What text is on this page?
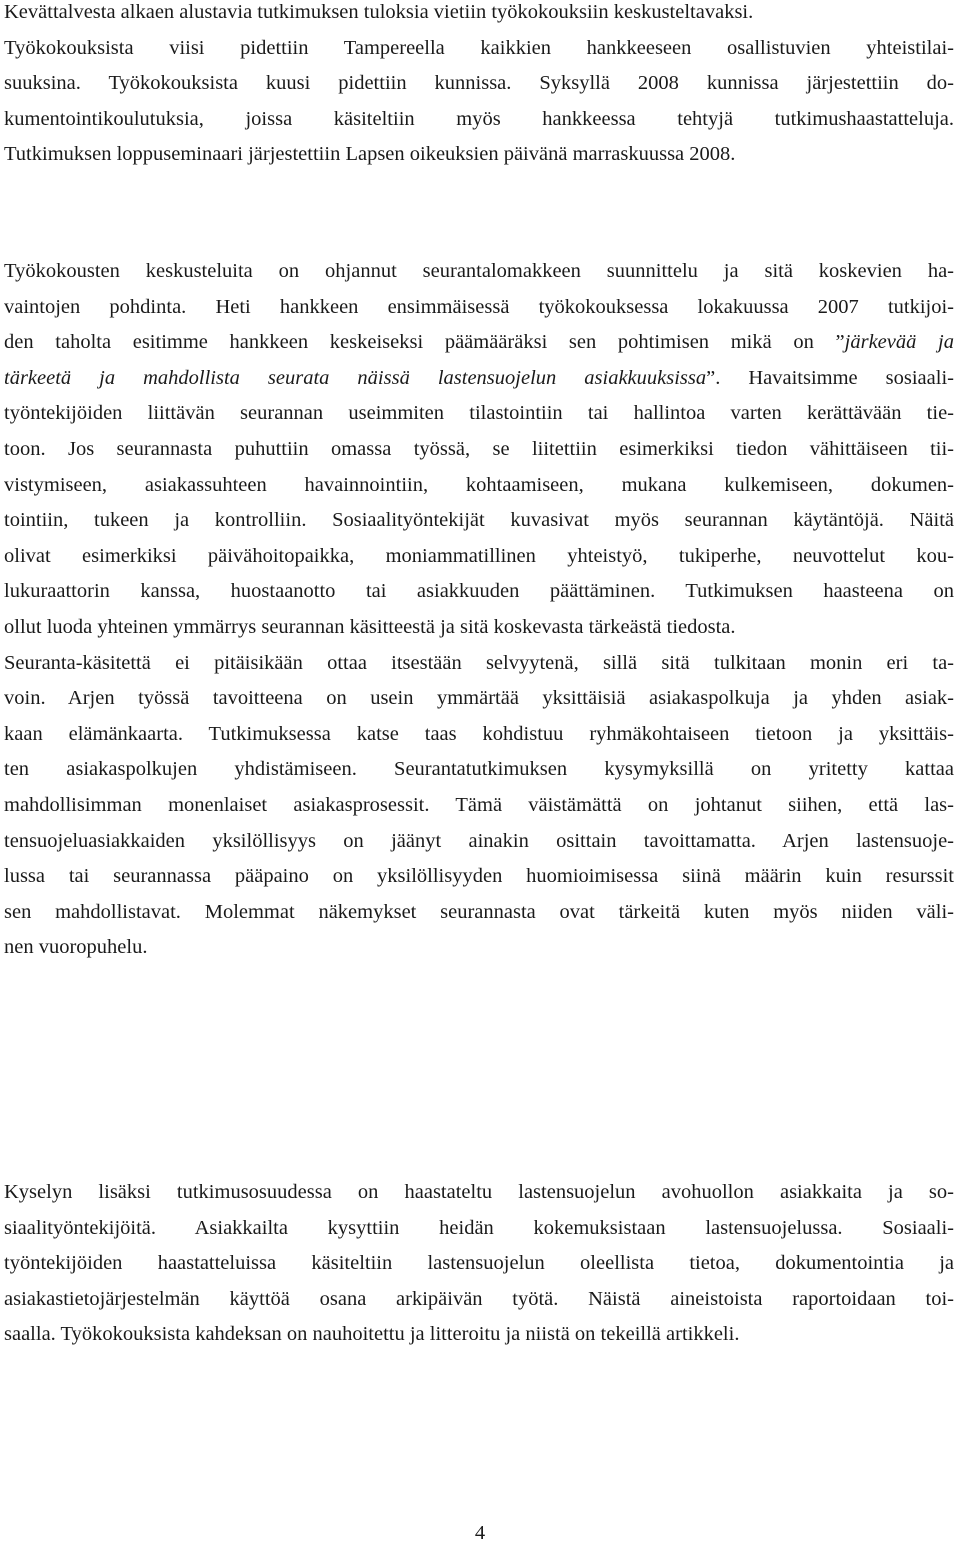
Kevättalvesta alkaen alustavia tutkimuksen tuloksia vietiin työkokouksiin keskusteltavaksi.
Työkokouksista viisi pidettiin Tampereella kaikkien hankkeeseen osallistuvien yhteistilai-
suuksina. Työkokouksista kuusi pidettiin kunnissa. Syksyllä 2008 kunnissa järjestettiin do-
kumentointikoulutuksia, joissa käsiteltiin myös hankkeessa tehtyjä tutkimushaastatteluja.
Tutkimuksen loppuseminaari järjestettiin Lapsen oikeuksien päivänä marraskuussa 2008.
Työkokousten keskusteluita on ohjannut seurantalomakkeen suunnittelu ja sitä koskevien ha-
vaintojen pohdinta. Heti hankkeen ensimmäisessä työkokouksessa lokakuussa 2007 tutkijoi-
den taholta esitimme hankkeen keskeiseksi päämääräksi sen pohtimisen mikä on ”järkevää ja
tärkeetä ja mahdollista seurata näissä lastensuojelun asiakkuuksissa”. Havaitsimme sosiaali-
työntekijöiden liittävän seurannan useimmiten tilastointiin tai hallintoa varten kerättävään tie-
toon. Jos seurannasta puhuttiin omassa työssä, se liitettiin esimerkiksi tiedon vähittäiseen tii-
vistymiseen, asiakassuhteen havainnointiin, kohtaamiseen, mukana kulkemiseen, dokumen-
tointiin, tukeen ja kontrolliin. Sosiaalityöntekijät kuvasivat myös seurannan käytäntöjä. Näitä
olivat esimerkiksi päivähoitopaikka, moniammatillinen yhteistyö, tukiperhe, neuvottelut kou-
lukuraattorin kanssa, huostaanotto tai asiakkuuden päättäminen. Tutkimuksen haasteena on
ollut luoda yhteinen ymmärrys seurannan käsitteestä ja sitä koskevasta tärkeästä tiedosta.
Seuranta-käsitettä ei pitäisikään ottaa itsestään selvyytenä, sillä sitä tulkitaan monin eri ta-
voin. Arjen työssä tavoitteena on usein ymmärtää yksittäisiä asiakaspolkuja ja yhden asiak-
kaan elämänkaarta. Tutkimuksessa katse taas kohdistuu ryhmäkohtaiseen tietoon ja yksittäis-
ten asiakaspolkujen yhdistämiseen. Seurantatutkimuksen kysymyksillä on yritetty kattaa
mahdollisimman monenlaiset asiakasprosessit. Tämä väistämättä on johtanut siihen, että las-
tensuojeluasiakkaiden yksilöllisyys on jäänyt ainakin osittain tavoittamatta. Arjen lastensuoje-
lussa tai seurannassa pääpaino on yksilöllisyyden huomioimisessa siinä määrin kuin resurssit
sen mahdollistavat. Molemmat näkemykset seurannasta ovat tärkeitä kuten myös niiden väli-
nen vuoropuhelu.
Kyselyn lisäksi tutkimusosuudessa on haastateltu lastensuojelun avohuollon asiakkaita ja so-
siaalityöntekijöitä. Asiakkailta kysyttiin heidän kokemuksistaan lastensuojelussa. Sosiaali-
työntekijöiden haastatteluissa käsiteltiin lastensuojelun oleellista tietoa, dokumentointia ja
asiakastietojärjestelmän käyttöä osana arkipäivän työtä. Näistä aineistoista raportoidaan toi-
saalla. Työkokouksista kahdeksan on nauhoitettu ja litteroitu ja niistä on tekeillä artikkeli.
4
